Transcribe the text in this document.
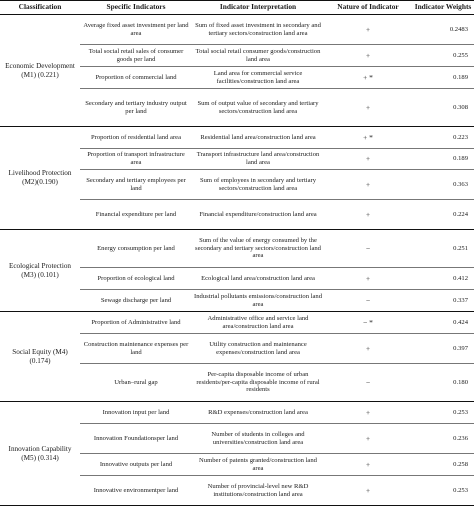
Classification	Specific Indicators	Indicator Interpretation	Nature of Indicator	Indicator Weights
Economic Development (M1) (0.221)	Average fixed asset investment per land area	Sum of fixed asset investment in secondary and tertiary sectors/construction land area	+	0.2483
	Total social retail sales of consumer goods per land	Total social retail consumer goods/construction land area	+	0.255
	Proportion of commercial land	Land area for commercial service facilities/construction land area	+ *	0.189
	Secondary and tertiary industry output per land	Sum of output value of secondary and tertiary sectors/construction land area	+	0.308
Livelihood Protection (M2)(0.190)	Proportion of residential land area	Residential land area/construction land area	+ *	0.223
	Proportion of transport infrastructure area	Transport infrastructure land area/construction land area	+	0.189
	Secondary and tertiary employees per land	Sum of employees in secondary and tertiary sectors/construction land area	+	0.363
	Financial expenditure per land	Financial expenditure/construction land area	+	0.224
Ecological Protection (M3) (0.101)	Energy consumption per land	Sum of the value of energy consumed by the secondary and tertiary sectors/construction land area	−	0.251
	Proportion of ecological land	Ecological land area/construction land area	+	0.412
	Sewage discharge per land	Industrial pollutants emissions/construction land area	−	0.337
Social Equity (M4) (0.174)	Proportion of Administrative land	Administrative office and service land area/construction land area	− *	0.424
	Construction maintenance expenses per land	Utility construction and maintenance expenses/construction land area	+	0.397
	Urban–rural gap	Per-capita disposable income of urban residents/per-capita disposable income of rural residents	−	0.180
Innovation Capability (M5) (0.314)	Innovation input per land	R&D expenses/construction land area	+	0.253
	Innovation Foundationsper land	Number of students in colleges and universities/construction land area	+	0.236
	Innovative outputs per land	Number of patents granted/construction land area	+	0.258
	Innovative environmentper land	Number of provincial-level new R&D institutions/construction land area	+	0.253
